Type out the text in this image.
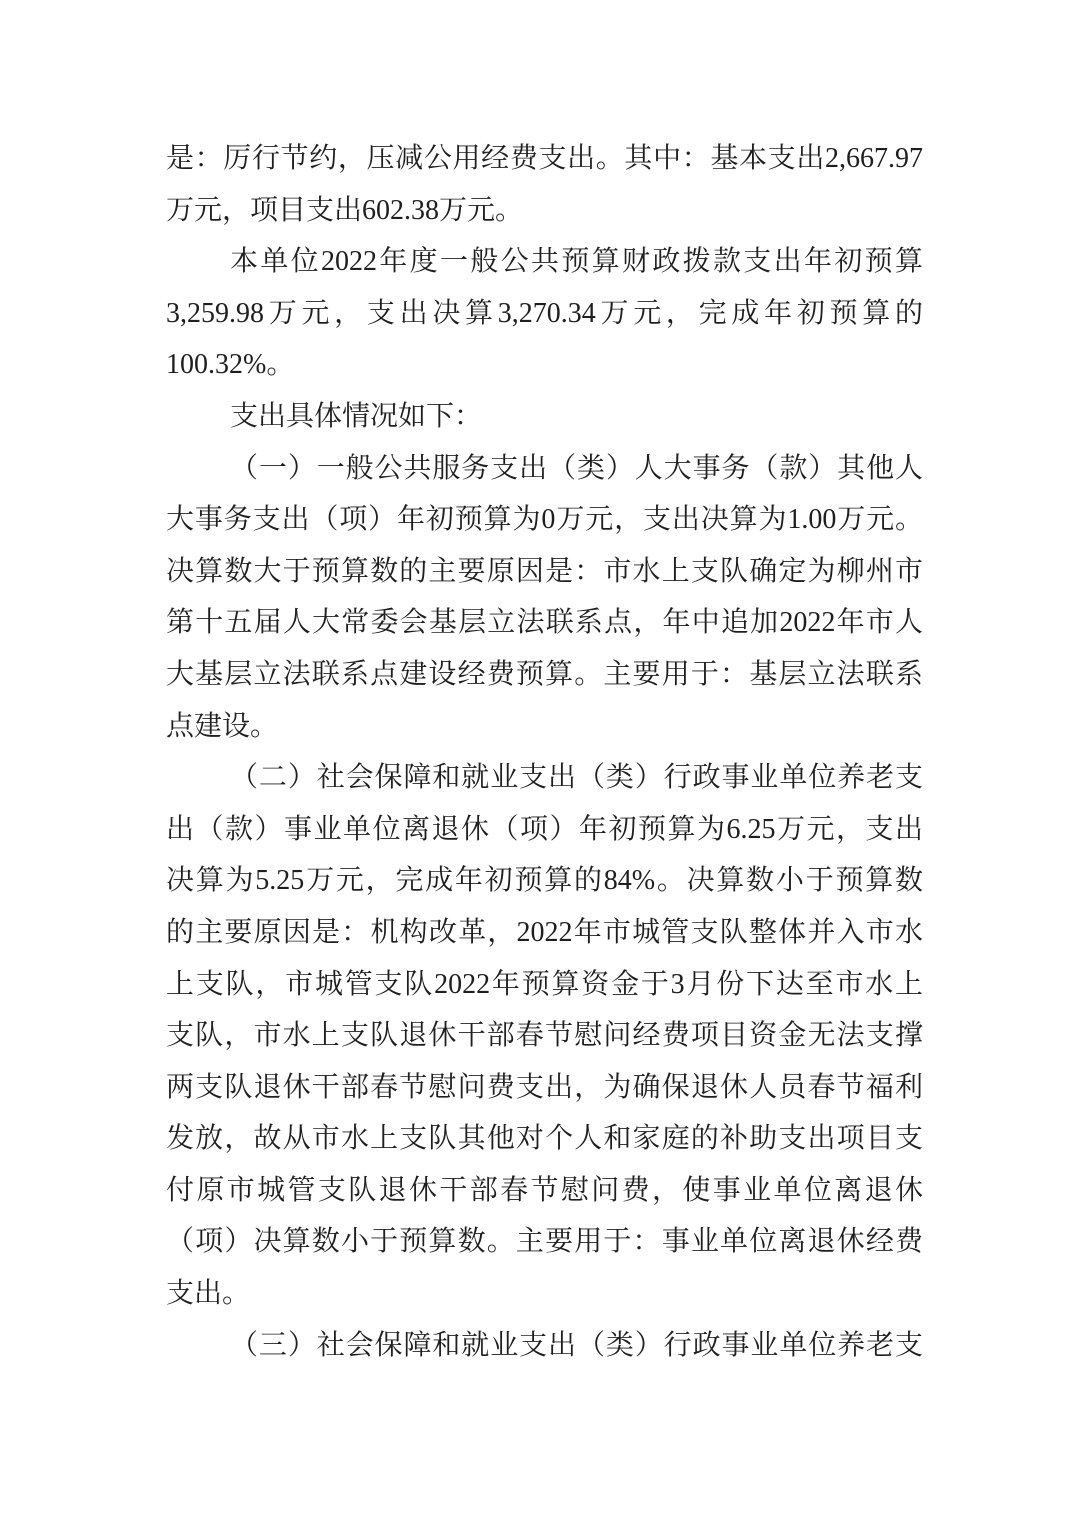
是：厉行节约，压减公用经费支出。其中：基本支出2,667.97
万元，项目支出602.38万元。
本单位2022年度一般公共预算财政拨款支出年初预算
3,259.98万元，支出决算3,270.34万元，完成年初预算的
100.32%。
支出具体情况如下：
（一）一般公共服务支出（类）人大事务（款）其他人
大事务支出（项）年初预算为0万元，支出决算为1.00万元。
决算数大于预算数的主要原因是：市水上支队确定为柳州市
第十五届人大常委会基层立法联系点，年中追加2022年市人
大基层立法联系点建设经费预算。主要用于：基层立法联系
点建设。
（二）社会保障和就业支出（类）行政事业单位养老支
出（款）事业单位离退休（项）年初预算为6.25万元，支出
决算为5.25万元，完成年初预算的84%。决算数小于预算数
的主要原因是：机构改革，2022年市城管支队整体并入市水
上支队，市城管支队2022年预算资金于3月份下达至市水上
支队，市水上支队退休干部春节慰问经费项目资金无法支撑
两支队退休干部春节慰问费支出，为确保退休人员春节福利
发放，故从市水上支队其他对个人和家庭的补助支出项目支
付原市城管支队退休干部春节慰问费，使事业单位离退休
（项）决算数小于预算数。主要用于：事业单位离退休经费
支出。
（三）社会保障和就业支出（类）行政事业单位养老支
